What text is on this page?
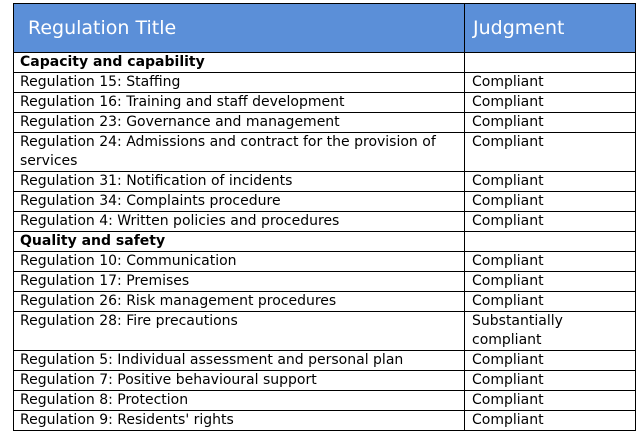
Regulation Title	Judgment
Capacity and capability	
Regulation 15: Staffing	Compliant
Regulation 16: Training and staff development	Compliant
Regulation 23: Governance and management	Compliant
Regulation 24: Admissions and contract for the provision of services	Compliant
Regulation 31: Notification of incidents	Compliant
Regulation 34: Complaints procedure	Compliant
Regulation 4: Written policies and procedures	Compliant
Quality and safety	
Regulation 10: Communication	Compliant
Regulation 17: Premises	Compliant
Regulation 26: Risk management procedures	Compliant
Regulation 28: Fire precautions	Substantially compliant
Regulation 5: Individual assessment and personal plan	Compliant
Regulation 7: Positive behavioural support	Compliant
Regulation 8: Protection	Compliant
Regulation 9: Residents' rights	Compliant
